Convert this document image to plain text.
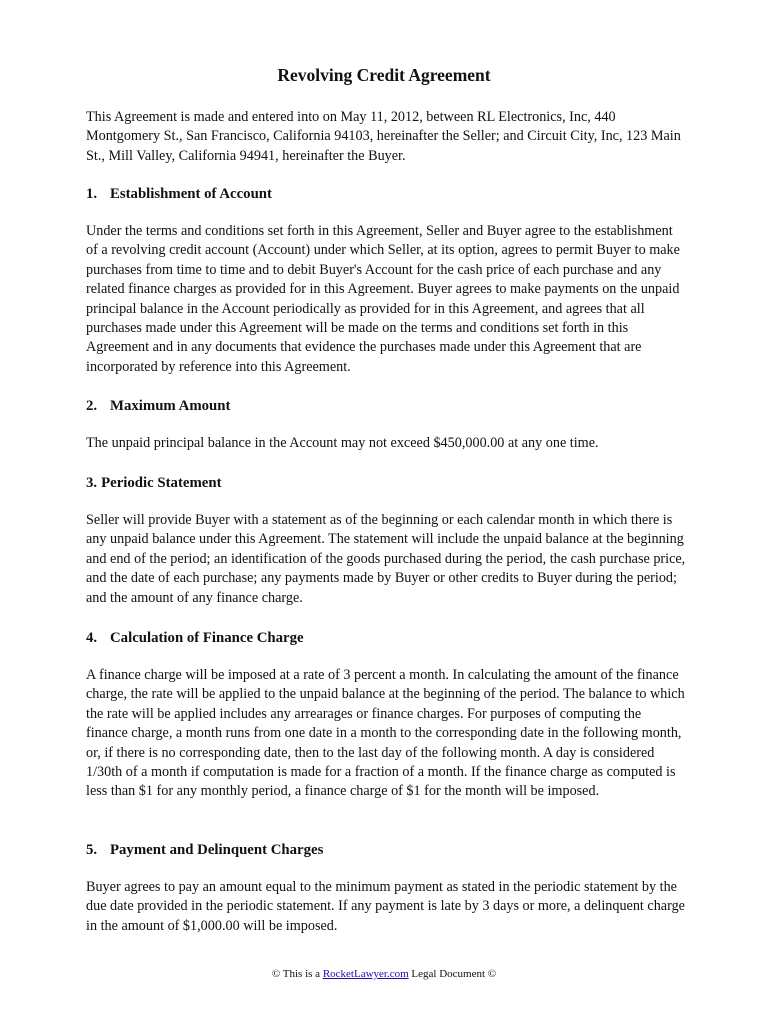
Revolving Credit Agreement

This Agreement is made and entered into on May 11, 2012, between RL Electronics, Inc, 440 Montgomery St., San Francisco, California 94103, hereinafter the Seller; and Circuit City, Inc, 123 Main St., Mill Valley, California 94941, hereinafter the Buyer.

1. Establishment of Account

Under the terms and conditions set forth in this Agreement, Seller and Buyer agree to the establishment of a revolving credit account (Account) under which Seller, at its option, agrees to permit Buyer to make purchases from time to time and to debit Buyer's Account for the cash price of each purchase and any related finance charges as provided for in this Agreement. Buyer agrees to make payments on the unpaid principal balance in the Account periodically as provided for in this Agreement, and agrees that all purchases made under this Agreement will be made on the terms and conditions set forth in this Agreement and in any documents that evidence the purchases made under this Agreement that are incorporated by reference into this Agreement.

2. Maximum Amount

The unpaid principal balance in the Account may not exceed $450,000.00 at any one time.

3. Periodic Statement

Seller will provide Buyer with a statement as of the beginning or each calendar month in which there is any unpaid balance under this Agreement. The statement will include the unpaid balance at the beginning and end of the period; an identification of the goods purchased during the period, the cash purchase price, and the date of each purchase; any payments made by Buyer or other credits to Buyer during the period; and the amount of any finance charge.

4. Calculation of Finance Charge

A finance charge will be imposed at a rate of 3 percent a month. In calculating the amount of the finance charge, the rate will be applied to the unpaid balance at the beginning of the period. The balance to which the rate will be applied includes any arrearages or finance charges. For purposes of computing the finance charge, a month runs from one date in a month to the corresponding date in the following month, or, if there is no corresponding date, then to the last day of the following month. A day is considered 1/30th of a month if computation is made for a fraction of a month. If the finance charge as computed is less than $1 for any monthly period, a finance charge of $1 for the month will be imposed.

5. Payment and Delinquent Charges

Buyer agrees to pay an amount equal to the minimum payment as stated in the periodic statement by the due date provided in the periodic statement. If any payment is late by 3 days or more, a delinquent charge in the amount of $1,000.00 will be imposed.

© This is a RocketLawyer.com Legal Document ©
